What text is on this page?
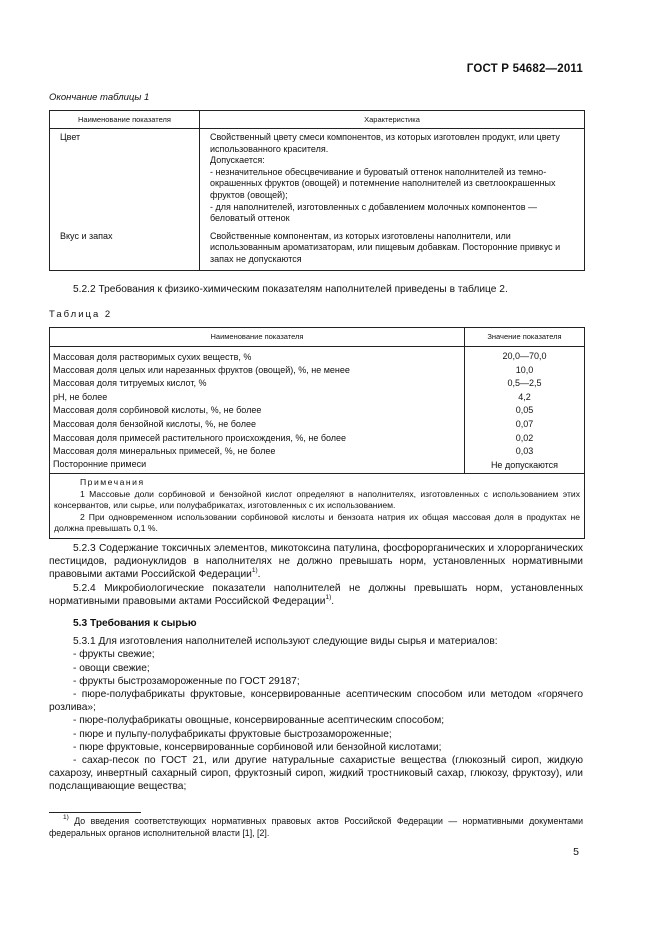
ГОСТ Р 54682—2011
Окончание таблицы 1
Наименование показателя	Характеристика
Цвет	Свойственный цвету смеси компонентов, из которых изготовлен продукт, или цвету использованного красителя.
Допускается:
- незначительное обесцвечивание и буроватый оттенок наполнителей из темно-окрашенных фруктов (овощей) и потемнение наполнителей из светлоокрашенных фруктов (овощей);
- для наполнителей, изготовленных с добавлением молочных компонентов — беловатый оттенок

Вкус и запах	Свойственные компонентам, из которых изготовлены наполнители, или использованным ароматизаторам, или пищевым добавкам. Посторонние привкус и запах не допускаются

5.2.2 Требования к физико-химическим показателям наполнителей приведены в таблице 2.

Таблица 2
Наименование показателя	Значение показателя
Массовая доля растворимых сухих веществ, %	20,0—70,0
Массовая доля целых или нарезанных фруктов (овощей), %, не менее	10,0
Массовая доля титруемых кислот, %	0,5—2,5
рН, не более	4,2
Массовая доля сорбиновой кислоты, %, не более	0,05
Массовая доля бензойной кислоты, %, не более	0,07
Массовая доля примесей растительного происхождения, %, не более	0,02
Массовая доля минеральных примесей, %, не более	0,03
Посторонние примеси	Не допускаются

Примечания
1 Массовые доли сорбиновой и бензойной кислот определяют в наполнителях, изготовленных с использованием этих консервантов, или сырье, или полуфабрикатах, изготовленных с их использованием.
2 При одновременном использовании сорбиновой кислоты и бензоата натрия их общая массовая доля в продуктах не должна превышать 0,1 %.	

5.2.3 Содержание токсичных элементов, микотоксина патулина, фосфорорганических и хлорорганических пестицидов, радионуклидов в наполнителях не должно превышать норм, установленных нормативными правовыми актами Российской Федерации$^{1)}$.

5.2.4 Микробиологические показатели наполнителей не должны превышать норм, установленных нормативными правовыми актами Российской Федерации$^{1)}$.

5.3 Требования к сырью

5.3.1 Для изготовления наполнителей используют следующие виды сырья и материалов:

- фрукты свежие;

- овощи свежие;

- фрукты быстрозамороженные по ГОСТ 29187;

- пюре-полуфабрикаты фруктовые, консервированные асептическим способом или методом «горячего розлива»;

- пюре-полуфабрикаты овощные, консервированные асептическим способом;

- пюре и пульпу-полуфабрикаты фруктовые быстрозамороженные;

- пюре фруктовые, консервированные сорбиновой или бензойной кислотами;

- сахар-песок по ГОСТ 21, или другие натуральные сахаристые вещества (глюкозный сироп, жидкую сахарозу, инвертный сахарный сироп, фруктозный сироп, жидкий тростниковый сахар, глюкозу, фруктозу), или подслащивающие вещества;

$^{1)}$ До введения соответствующих нормативных правовых актов Российской Федерации — нормативными документами федеральных органов исполнительной власти [1], [2].

5
